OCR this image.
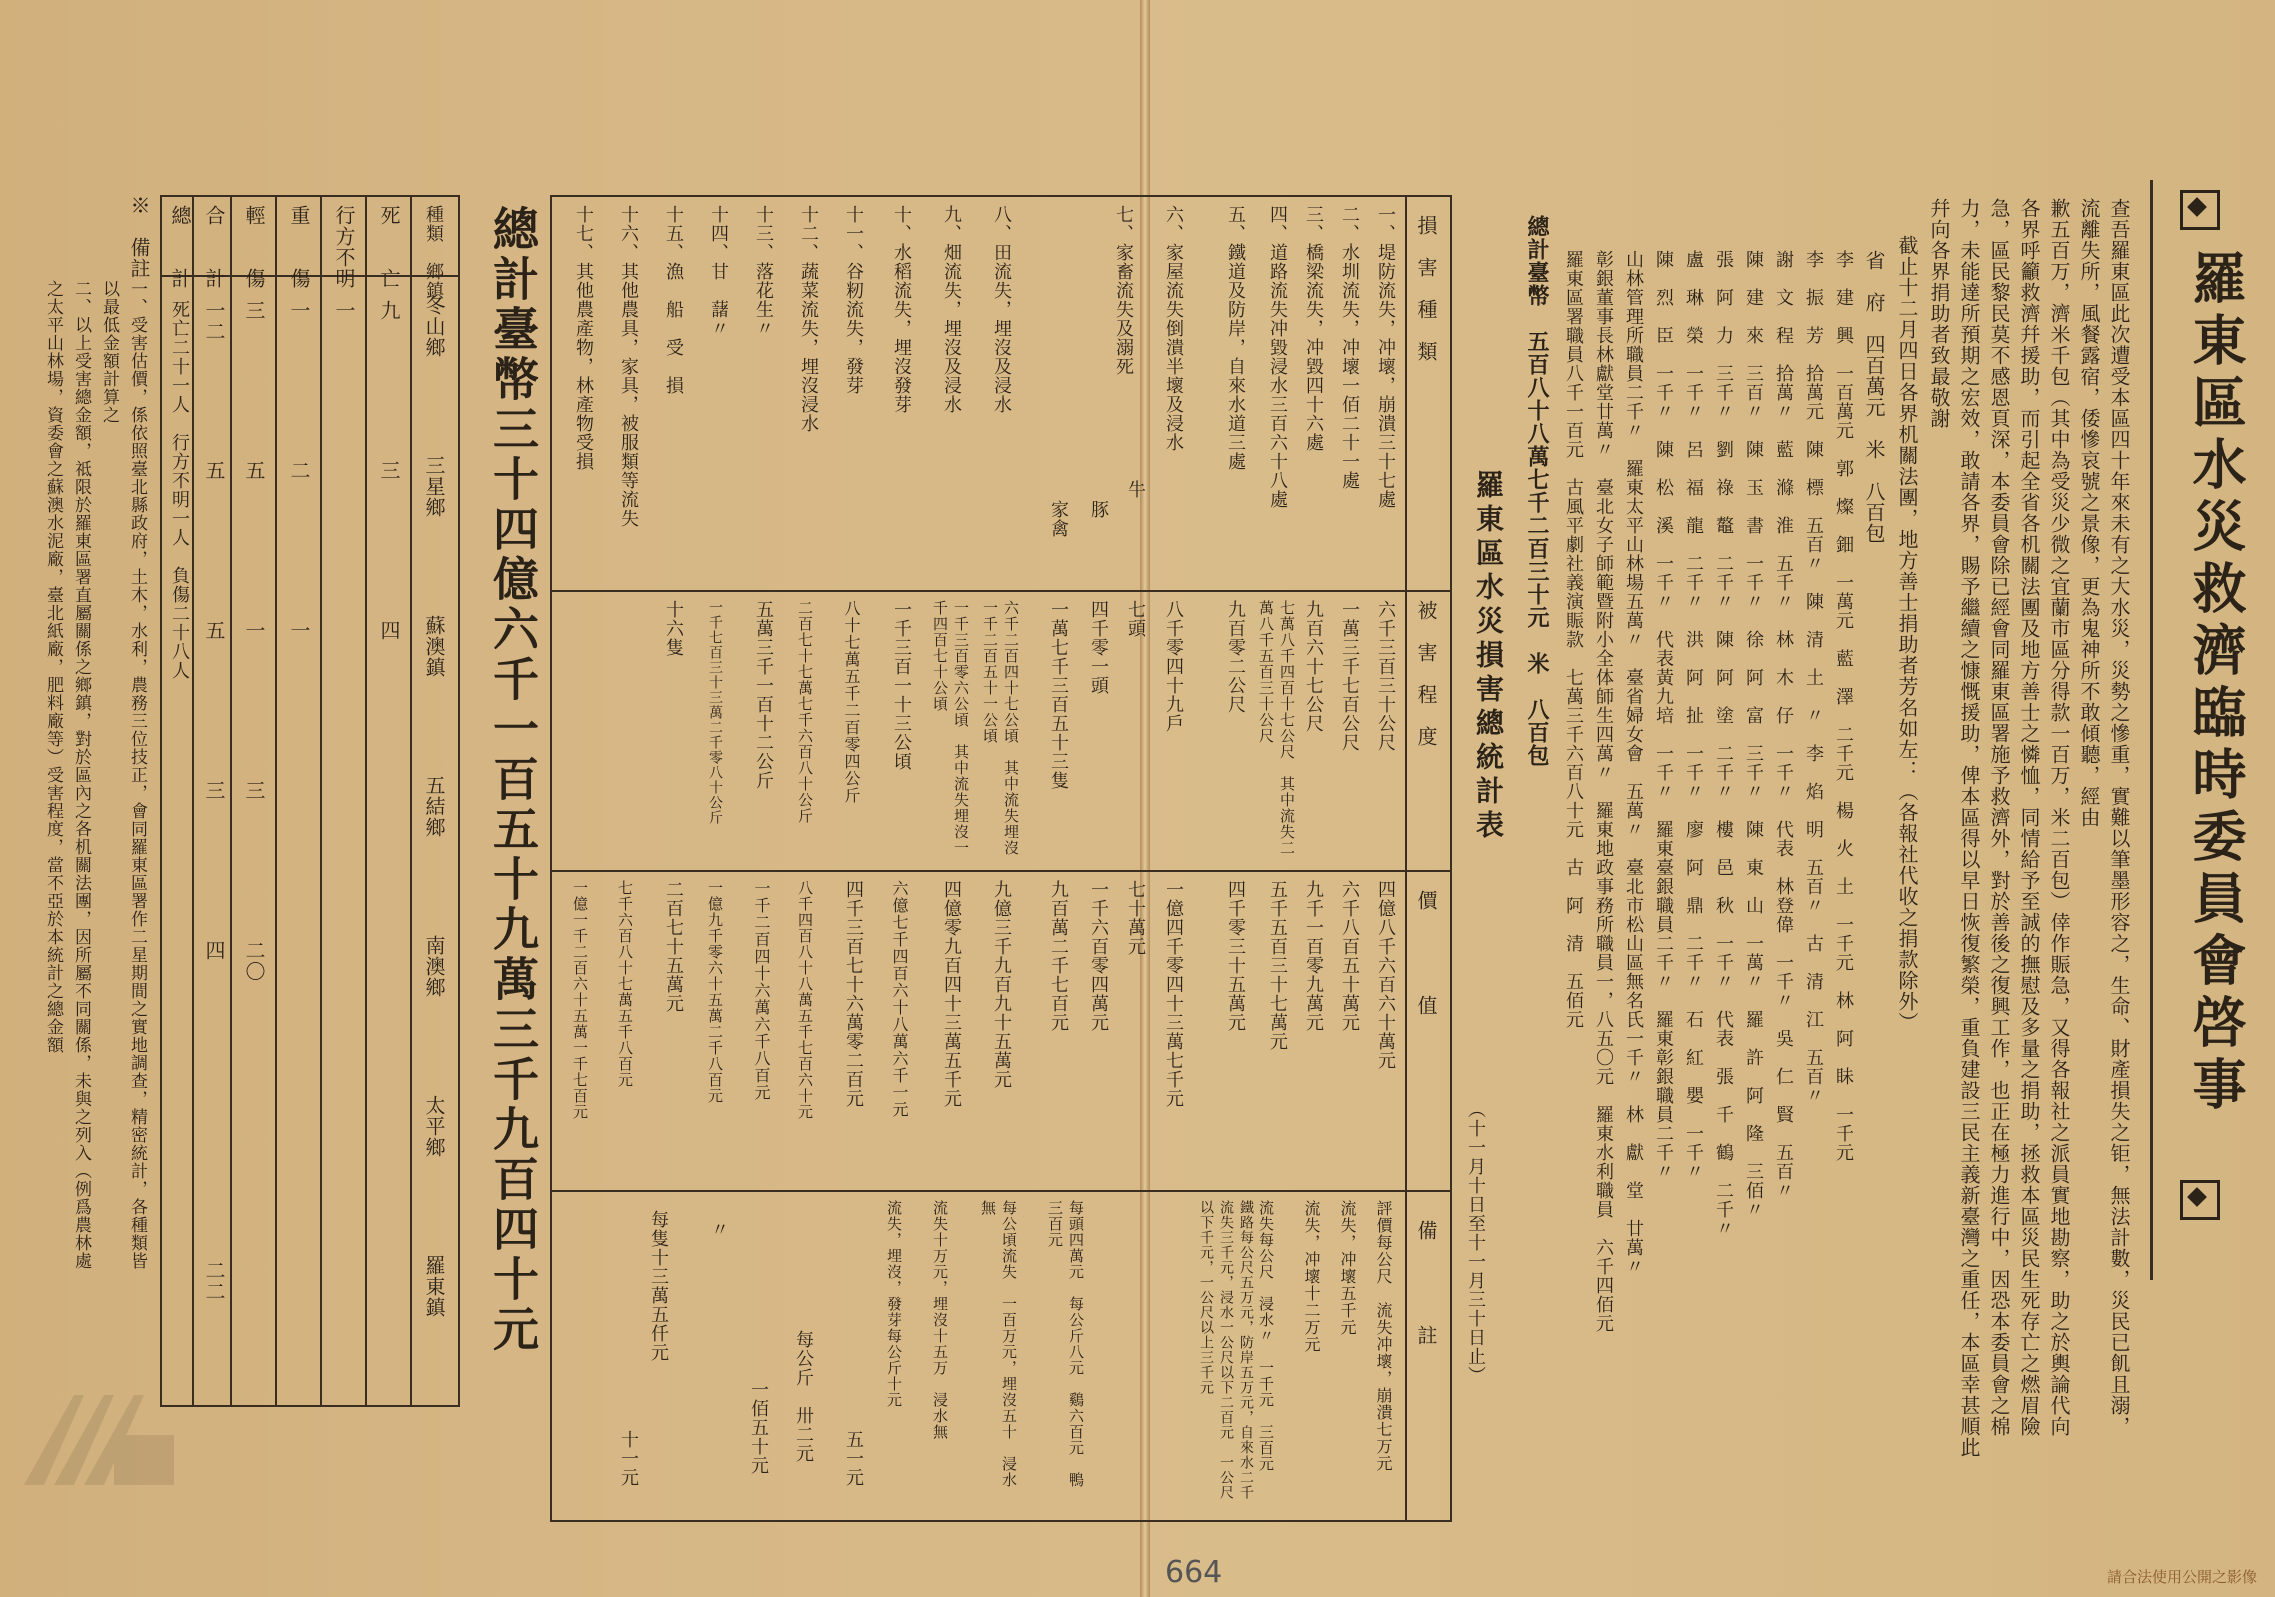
羅東區水災救濟臨時委員會啓事
查吾羅東區此次遭受本區四十年來未有之大水災，災勢之慘重，實難以筆墨形容之，生命、財產損失之钜，無法計數，災民已飢且溺，
流離失所，風餐露宿，倭慘哀號之景像，更為鬼神所不敢傾聽，經由
歉五百万，濟米千包（其中為受災少微之宜蘭市區分得款一百万，米二百包）倖作賑急，又得各報社之派員實地勘察，助之於輿論代向
各界呼籲救濟幷援助，而引起全省各机關法團及地方善士之憐恤，同情給予至誠的撫慰及多量之捐助，拯救本區災民生死存亡之燃眉險
急，區民黎民莫不感恩頁深，本委員會除已經會同羅東區署施予救濟外，對於善後之復興工作，也正在極力進行中，因恐本委員會之棉
力，未能達所預期之宏效，敢請各界，賜予繼續之慷慨援助，俾本區得以早日恢復繁榮，重負建設三民主義新臺灣之重任，本區幸甚順此
幷向各界捐助者致最敬謝
截止十二月四日各界机關法團，地方善士捐助者芳名如左：（各報社代收之捐款除外）
省　府　四百萬元　米　八百包
李　建　興　一百萬元　郭　燦　鈿　一萬元　藍　澤　二千元　楊　火　土　一千元　林　阿　眛　一千元
李　振　芳　拾萬元　陳　標　五百〃　陳　清　土　〃　李　焰　明　五百〃　古　清　江　五百〃
謝　文　程　拾萬〃　藍　滌　淮　五千〃　林　木　仔　一千〃　代表　林登偉　一千〃　吳　仁　賢　五百〃
陳　建　來　三百〃　陳　玉　書　一千〃　徐　阿　富　三千〃　陳　東　山　一萬〃　羅　許　阿　隆　三佰〃
張　阿　力　三千〃　劉　祿　鼇　二千〃　陳　阿　塗　二千〃　樓　邑　秋　一千〃　代表　張　千　鶴　二千〃
盧　琳　榮　一千〃　呂　福　龍　二千〃　洪　阿　扯　一千〃　廖　阿　鼎　二千〃　石　紅　嬰　一千〃
陳　烈　臣　一千〃　陳　松　溪　一千〃　代表黃九培　一千〃　羅東臺銀職員二千〃　羅東彰銀職員二千〃
山林管理所職員二千〃　羅東太平山林場五萬〃　臺省婦女會　五萬〃　臺北市松山區無名氏一千〃　林　獻　堂　廿萬〃
彰銀董事長林獻堂廿萬〃　臺北女子師範暨附小全体師生四萬〃　羅東地政事務所職員一，八五〇元　羅東水利職員　六千四佰元
羅東區署職員八千一百元　古風平劇社義演賑款　七萬三千六百八十元　古　阿　清　五佰元
總計臺幣　五百八十八萬七千二百三十元　米　八百包
羅東區水災損害總統計表
（十一月十日至十一月三十日止）
損　害　種　類
被　害　程　度
價　　　　值
備　　　　註
一、堤防流失，冲壞，崩潰三十七處
六千三百三十公尺
四億八千六百六十萬元
評價每公尺　流失冲壞，崩潰七万元
二、水圳流失，冲壞一佰二十一處
一萬三千七百公尺
六千八百五十萬元
流失，冲壞五千元
三、橋梁流失，冲毀四十六處
九百六十七公尺
九千一百零九萬元
流失，冲壞十二万元
四、道路流失冲毀浸水三百六十八處
七萬八千四百十七公尺　其中流失二萬八千五百三十公尺
五千五百三十七萬元
流失每公尺　浸水〃　一千元　三百元
五、鐵道及防岸，自來水道三處
九百零二公尺
四千零三十五萬元
鐵路每公尺五万元，防岸五万元，自來水二千　流失三千元，浸水一公尺以下二百元　一公尺以下千元，一公尺以上三千元
六、家屋流失倒潰半壞及浸水
八千零四十九戶
一億四千零四十三萬七千元
七、家畜流失及溺死
牛
豚
家禽
七頭
四千零一頭
一萬七千三百五十三隻
七十萬元
一千六百零四萬元
九百萬二千七百元
每頭四萬元　每公斤八元　鷄六百元　鴨三百元
八、田流失，埋沒及浸水
六千二百四十七公頃　其中流失埋沒一千二百五十一公頃
九億三千九百九十五萬元
每公頃流失　一百万元，埋沒五十　浸水無
九、畑流失，埋沒及浸水
一千三百零六公頃　其中流失埋沒一千四百七十公頃
四億零九百四十三萬五千元
流失十万元，埋沒十五万　浸水無
十、水稻流失，埋沒發芽
一千三百一十三公頃
六億七千四百六十八萬六千一元
流失，埋沒，發芽每公斤十元
十一、谷籾流失，發芽
八十七萬五千二百零四公斤
四千三百七十六萬零二百元
五一元
十二、蔬菜流失，埋沒浸水
二百七十七萬七千六百八十公斤
八千四百八十八萬五千七百六十元
每公斤　卅二元
十三、落花生〃
五萬三千一百十二公斤
一千二百四十六萬六千八百元
一佰五十元
十四、甘　藷〃
一千七百三十三萬二千零八十公斤
一億九千零六十五萬二千八百元
〃
十五、漁　船　受　損
十六隻
二百七十五萬元
每隻十三萬五仟元
十六、其他農具，家具，被服類等流失
七千六百八十七萬五千八百元
十一元
十七、其他農產物，林產物受損
一億一千二百六十五萬一千七百元
總計臺幣三十四億六千一百五十九萬三千九百四十元
種類　鄉鎮
冬山鄉
三星鄉
蘇澳鎮
五結鄉
南澳鄉
太平鄉
羅東鎮
死　　亡
九
三
四
行方不明
一
重　　傷
一
二
一
輕　　傷
三
五
一
三
二〇
合　　計
一二
五
五
三
四
二二
總　　計
死亡二十一人　行方不明一人　負傷二十八人
※　備註
一、受害估價，係依照臺北縣政府，土木，水利，農務三位技正，會同羅東區署作二星期間之實地調查，精密統計，各種類皆
以最低金額計算之
二、以上受害總金額，祗限於羅東區署直屬關係之鄉鎮，對於區內之各机關法團，因所屬不同關係，未與之列入（例爲農林處
之太平山林場，資委會之蘇澳水泥廠，臺北紙廠，肥料廠等）受害程度，當不亞於本統計之總金額
664	請合法使用公開之影像
